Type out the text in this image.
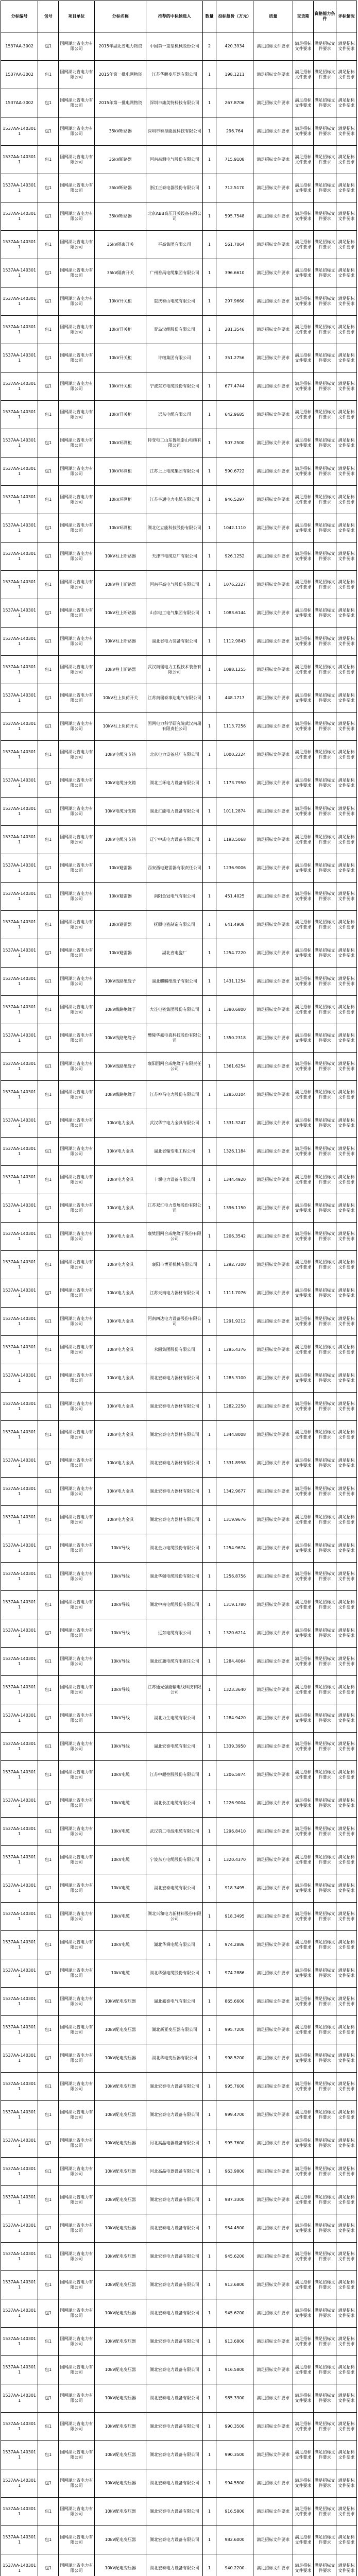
分标编号	包号	项目单位	分标名称	推荐的中标候选人	数量	投标报价（万元）	质量	交货期	资格能力条件	评标情况
1537AA-3002	包1	国网湖北省电力有限公司	2015年湖北省电力物资	中国第一重型机械股份公司	2	420.3934	满足招标文件要求	满足招标文件要求	满足招标文件要求	满足招标文件要求
1537AA-3002	包1	国网湖北省电力有限公司	2015年第一批电网物资	江苏华鹏变压器有限公司	1	198.1211	满足招标文件要求	满足招标文件要求	满足招标文件要求	满足招标文件要求
1537AA-3002	包1	国网湖北省电力有限公司	2015年第一批电网物资	深圳市康美特科技有限公司	1	267.8706	满足招标文件要求	满足招标文件要求	满足招标文件要求	满足招标文件要求
1537AA-1403011	包1	国网湖北省电力有限公司	35kV断路器	深圳市泰昂能源科技有限公司	1	296.764	满足招标文件要求	满足招标文件要求	满足招标文件要求	满足招标文件要求
1537AA-1403011	包1	国网湖北省电力有限公司	35kV断路器	河南森源电气股份有限公司	1	715.9108	满足招标文件要求	满足招标文件要求	满足招标文件要求	满足招标文件要求
1537AA-1403011	包1	国网湖北省电力有限公司	35kV断路器	浙江正泰电器股份有限公司	1	712.5170	满足招标文件要求	满足招标文件要求	满足招标文件要求	满足招标文件要求
1537AA-1403011	包1	国网湖北省电力有限公司	35kV断路器	北京ABB高压开关设备有限公司	1	595.7548	满足招标文件要求	满足招标文件要求	满足招标文件要求	满足招标文件要求
1537AA-1403011	包1	国网湖北省电力有限公司	35kV隔离开关	平高集团有限公司	1	561.7064	满足招标文件要求	满足招标文件要求	满足招标文件要求	满足招标文件要求
1537AA-1403011	包1	国网湖北省电力有限公司	35kV隔离开关	广州番禺电缆集团有限公司	1	396.6610	满足招标文件要求	满足招标文件要求	满足招标文件要求	满足招标文件要求
1537AA-1403011	包1	国网湖北省电力有限公司	10kV开关柜	重庆泰山电缆有限公司	1	297.9660	满足招标文件要求	满足招标文件要求	满足招标文件要求	满足招标文件要求
1537AA-1403011	包1	国网湖北省电力有限公司	10kV开关柜	青岛汉缆股份有限公司	1	281.3546	满足招标文件要求	满足招标文件要求	满足招标文件要求	满足招标文件要求
1537AA-1403011	包1	国网湖北省电力有限公司	10kV开关柜	许继集团有限公司	1	351.2756	满足招标文件要求	满足招标文件要求	满足招标文件要求	满足招标文件要求
1537AA-1403011	包1	国网湖北省电力有限公司	10kV开关柜	宁波东方电缆股份有限公司	1	677.4744	满足招标文件要求	满足招标文件要求	满足招标文件要求	满足招标文件要求
1537AA-1403011	包1	国网湖北省电力有限公司	10kV开关柜	远东电缆有限公司	1	642.9685	满足招标文件要求	满足招标文件要求	满足招标文件要求	满足招标文件要求
1537AA-1403011	包1	国网湖北省电力有限公司	10kV环网柜	特变电工山东鲁能泰山电缆有限公司	1	507.2500	满足招标文件要求	满足招标文件要求	满足招标文件要求	满足招标文件要求
1537AA-1403011	包1	国网湖北省电力有限公司	10kV环网柜	江苏上上电缆集团有限公司	1	590.6722	满足招标文件要求	满足招标文件要求	满足招标文件要求	满足招标文件要求
1537AA-1403011	包1	国网湖北省电力有限公司	10kV环网柜	江苏亨通电力电缆有限公司	1	946.5297	满足招标文件要求	满足招标文件要求	满足招标文件要求	满足招标文件要求
1537AA-1403011	包1	国网湖北省电力有限公司	10kV环网柜	湖北亿立能科技股份有限公司	1	1042.1110	满足招标文件要求	满足招标文件要求	满足招标文件要求	满足招标文件要求
1537AA-1403011	包1	国网湖北省电力有限公司	10kV柱上断路器	天津市电缆总厂有限公司	1	926.1252	满足招标文件要求	满足招标文件要求	满足招标文件要求	满足招标文件要求
1537AA-1403011	包1	国网湖北省电力有限公司	10kV柱上断路器	河南平高电气股份有限公司	1	1076.2227	满足招标文件要求	满足招标文件要求	满足招标文件要求	满足招标文件要求
1537AA-1403011	包1	国网湖北省电力有限公司	10kV柱上断路器	山东电工电气集团有限公司	1	1083.6144	满足招标文件要求	满足招标文件要求	满足招标文件要求	满足招标文件要求
1537AA-1403011	包1	国网湖北省电力有限公司	10kV柱上断路器	湖北省电力装备有限公司	1	1112.9843	满足招标文件要求	满足招标文件要求	满足招标文件要求	满足招标文件要求
1537AA-1403011	包1	国网湖北省电力有限公司	10kV柱上断路器	武汉南瑞电力工程技术装备有限公司	1	1088.1255	满足招标文件要求	满足招标文件要求	满足招标文件要求	满足招标文件要求
1537AA-1403011	包1	国网湖北省电力有限公司	10kV柱上负荷开关	江苏南瑞泰事达电气有限公司	1	448.1717	满足招标文件要求	满足招标文件要求	满足招标文件要求	满足招标文件要求
1537AA-1403011	包1	国网湖北省电力有限公司	10kV柱上负荷开关	国网电力科学研究院武汉南瑞有限责任公司	1	1113.7256	满足招标文件要求	满足招标文件要求	满足招标文件要求	满足招标文件要求
1537AA-1403011	包1	国网湖北省电力有限公司	10kV电缆分支箱	北京电力设备总厂有限公司	1	1000.2224	满足招标文件要求	满足招标文件要求	满足招标文件要求	满足招标文件要求
1537AA-1403011	包1	国网湖北省电力有限公司	10kV电缆分支箱	湖北三环电力设备有限公司	1	1173.7950	满足招标文件要求	满足招标文件要求	满足招标文件要求	满足招标文件要求
1537AA-1403011	包1	国网湖北省电力有限公司	10kV电缆分支箱	湖北汇能电力设备有限公司	1	1011.2874	满足招标文件要求	满足招标文件要求	满足招标文件要求	满足招标文件要求
1537AA-1403011	包1	国网湖北省电力有限公司	10kV电缆分支箱	辽宁中成电力设备有限公司	1	1193.5068	满足招标文件要求	满足招标文件要求	满足招标文件要求	满足招标文件要求
1537AA-1403011	包1	国网湖北省电力有限公司	10kV避雷器	西安西电避雷器有限责任公司	1	1236.9006	满足招标文件要求	满足招标文件要求	满足招标文件要求	满足招标文件要求
1537AA-1403011	包1	国网湖北省电力有限公司	10kV避雷器	南阳金冠电气有限公司	1	451.4025	满足招标文件要求	满足招标文件要求	满足招标文件要求	满足招标文件要求
1537AA-1403011	包1	国网湖北省电力有限公司	10kV避雷器	抚顺电瓷制造有限公司	1	641.4908	满足招标文件要求	满足招标文件要求	满足招标文件要求	满足招标文件要求
1537AA-1403011	包1	国网湖北省电力有限公司	10kV避雷器	湖北省电瓷厂	1	1254.7220	满足招标文件要求	满足招标文件要求	满足招标文件要求	满足招标文件要求
1537AA-1403011	包1	国网湖北省电力有限公司	10kV线路绝缘子	湖北麒麟绝缘子有限公司	1	1431.1254	满足招标文件要求	满足招标文件要求	满足招标文件要求	满足招标文件要求
1537AA-1403011	包1	国网湖北省电力有限公司	10kV线路绝缘子	大连电瓷集团股份有限公司	1	1380.6800	满足招标文件要求	满足招标文件要求	满足招标文件要求	满足招标文件要求
1537AA-1403011	包1	国网湖北省电力有限公司	10kV线路绝缘子	醴陵华鑫电瓷科技股份有限公司	1	1350.2318	满足招标文件要求	满足招标文件要求	满足招标文件要求	满足招标文件要求
1537AA-1403011	包1	国网湖北省电力有限公司	10kV线路绝缘子	襄阳国网合成绝缘子有限责任公司	1	1361.6254	满足招标文件要求	满足招标文件要求	满足招标文件要求	满足招标文件要求
1537AA-1403011	包1	国网湖北省电力有限公司	10kV线路绝缘子	江苏神马电力股份有限公司	1	1285.0104	满足招标文件要求	满足招标文件要求	满足招标文件要求	满足招标文件要求
1537AA-1403011	包1	国网湖北省电力有限公司	10kV电力金具	武汉华宇电力金具有限公司	1	1331.3247	满足招标文件要求	满足招标文件要求	满足招标文件要求	满足招标文件要求
1537AA-1403011	包1	国网湖北省电力有限公司	10kV电力金具	湖北省输变电工程公司	1	1326.1184	满足招标文件要求	满足招标文件要求	满足招标文件要求	满足招标文件要求
1537AA-1403011	包1	国网湖北省电力有限公司	10kV电力金具	十堰电力设备有限公司	1	1344.4920	满足招标文件要求	满足招标文件要求	满足招标文件要求	满足招标文件要求
1537AA-1403011	包1	国网湖北省电力有限公司	10kV电力金具	江苏双汇电力发展股份有限公司	1	1396.1150	满足招标文件要求	满足招标文件要求	满足招标文件要求	满足招标文件要求
1537AA-1403011	包1	国网湖北省电力有限公司	10kV电力金具	襄樊国网合成绝缘子股份有限公司	1	1206.3542	满足招标文件要求	满足招标文件要求	满足招标文件要求	满足招标文件要求
1537AA-1403011	包1	国网湖北省电力有限公司	10kV电力金具	襄阳市博亚机械有限公司	1	1292.7200	满足招标文件要求	满足招标文件要求	满足招标文件要求	满足招标文件要求
1537AA-1403011	包1	国网湖北省电力有限公司	10kV电力金具	江苏天南电力器材有限公司	1	1111.7076	满足招标文件要求	满足招标文件要求	满足招标文件要求	满足招标文件要求
1537AA-1403011	包1	国网湖北省电力有限公司	10kV电力金具	河南四达电力设备股份有限公司	1	1291.9212	满足招标文件要求	满足招标文件要求	满足招标文件要求	满足招标文件要求
1537AA-1403011	包1	国网湖北省电力有限公司	10kV电力金具	永固集团股份有限公司	1	1295.4376	满足招标文件要求	满足招标文件要求	满足招标文件要求	满足招标文件要求
1537AA-1403011	包1	国网湖北省电力有限公司	10kV电力金具	湖北宏泰电力器材有限公司	1	1285.3100	满足招标文件要求	满足招标文件要求	满足招标文件要求	满足招标文件要求
1537AA-1403011	包1	国网湖北省电力有限公司	10kV电力金具	湖北宏泰电力器材有限公司	1	1282.2250	满足招标文件要求	满足招标文件要求	满足招标文件要求	满足招标文件要求
1537AA-1403011	包1	国网湖北省电力有限公司	10kV电力金具	湖北宏泰电力器材有限公司	1	1344.8008	满足招标文件要求	满足招标文件要求	满足招标文件要求	满足招标文件要求
1537AA-1403011	包1	国网湖北省电力有限公司	10kV电力金具	湖北宏泰电力器材有限公司	1	1331.8998	满足招标文件要求	满足招标文件要求	满足招标文件要求	满足招标文件要求
1537AA-1403011	包1	国网湖北省电力有限公司	10kV电力金具	湖北宏泰电力器材有限公司	1	1342.9677	满足招标文件要求	满足招标文件要求	满足招标文件要求	满足招标文件要求
1537AA-1403011	包1	国网湖北省电力有限公司	10kV电力金具	湖北宏泰电力器材有限公司	1	1319.9676	满足招标文件要求	满足招标文件要求	满足招标文件要求	满足招标文件要求
1537AA-1403011	包1	国网湖北省电力有限公司	10kV导线	湖北金力电缆股份有限公司	1	1254.9674	满足招标文件要求	满足招标文件要求	满足招标文件要求	满足招标文件要求
1537AA-1403011	包1	国网湖北省电力有限公司	10kV导线	湖北华强电缆股份有限公司	1	1256.8756	满足招标文件要求	满足招标文件要求	满足招标文件要求	满足招标文件要求
1537AA-1403011	包1	国网湖北省电力有限公司	10kV导线	湖北中南电缆股份有限公司	1	1319.1780	满足招标文件要求	满足招标文件要求	满足招标文件要求	满足招标文件要求
1537AA-1403011	包1	国网湖北省电力有限公司	10kV导线	远东电缆有限公司	1	1320.6214	满足招标文件要求	满足招标文件要求	满足招标文件要求	满足招标文件要求
1537AA-1403011	包1	国网湖北省电力有限公司	10kV导线	湖北红旗电缆有限责任公司	1	1284.4064	满足招标文件要求	满足招标文件要求	满足招标文件要求	满足招标文件要求
1537AA-1403011	包1	国网湖北省电力有限公司	10kV导线	江苏通光强能输电线科技有限公司	1	1323.3640	满足招标文件要求	满足招标文件要求	满足招标文件要求	满足招标文件要求
1537AA-1403011	包1	国网湖北省电力有限公司	10kV导线	湖北力生电缆有限公司	1	1284.9420	满足招标文件要求	满足招标文件要求	满足招标文件要求	满足招标文件要求
1537AA-1403011	包1	国网湖北省电力有限公司	10kV导线	湖北宏泰电缆有限公司	1	1339.3950	满足招标文件要求	满足招标文件要求	满足招标文件要求	满足招标文件要求
1537AA-1403011	包1	国网湖北省电力有限公司	10kV电缆	江苏中超控股股份有限公司	1	1206.5874	满足招标文件要求	满足招标文件要求	满足招标文件要求	满足招标文件要求
1537AA-1403011	包1	国网湖北省电力有限公司	10kV电缆	湖北长江电缆有限公司	1	1226.9004	满足招标文件要求	满足招标文件要求	满足招标文件要求	满足招标文件要求
1537AA-1403011	包1	国网湖北省电力有限公司	10kV电缆	武汉第二电线电缆有限公司	1	1296.8410	满足招标文件要求	满足招标文件要求	满足招标文件要求	满足招标文件要求
1537AA-1403011	包1	国网湖北省电力有限公司	10kV电缆	宁波东方电缆股份有限公司	1	1320.4370	满足招标文件要求	满足招标文件要求	满足招标文件要求	满足招标文件要求
1537AA-1403011	包1	国网湖北省电力有限公司	10kV电缆	湖北宏泰电缆有限公司	1	918.3495	满足招标文件要求	满足招标文件要求	满足招标文件要求	满足招标文件要求
1537AA-1403011	包1	国网湖北省电力有限公司	10kV电缆	湖北兴和电力新材料股份有限公司	1	918.3495	满足招标文件要求	满足招标文件要求	满足招标文件要求	满足招标文件要求
1537AA-1403011	包1	国网湖北省电力有限公司	10kV电缆	湖北华舜电缆有限公司	1	974.2886	满足招标文件要求	满足招标文件要求	满足招标文件要求	满足招标文件要求
1537AA-1403011	包1	国网湖北省电力有限公司	10kV电缆	湖北华强电缆股份有限公司	1	974.2886	满足招标文件要求	满足招标文件要求	满足招标文件要求	满足招标文件要求
1537AA-1403011	包1	国网湖北省电力有限公司	10kV配电变压器	湖北鑫泰电气有限公司	1	865.6600	满足招标文件要求	满足招标文件要求	满足招标文件要求	满足招标文件要求
1537AA-1403011	包1	国网湖北省电力有限公司	10kV配电变压器	湖北新亚变压器有限公司	1	995.7200	满足招标文件要求	满足招标文件要求	满足招标文件要求	满足招标文件要求
1537AA-1403011	包1	国网湖北省电力有限公司	10kV配电变压器	湖北华电变压器有限公司	1	998.5200	满足招标文件要求	满足招标文件要求	满足招标文件要求	满足招标文件要求
1537AA-1403011	包1	国网湖北省电力有限公司	10kV配电变压器	湖北宏泰电力设备有限公司	1	995.7600	满足招标文件要求	满足招标文件要求	满足招标文件要求	满足招标文件要求
1537AA-1403011	包1	国网湖北省电力有限公司	10kV配电变压器	湖北宏泰电力设备有限公司	1	999.4700	满足招标文件要求	满足招标文件要求	满足招标文件要求	满足招标文件要求
1537AA-1403011	包1	国网湖北省电力有限公司	10kV配电变压器	河北高晶电器设备有限公司	1	995.7600	满足招标文件要求	满足招标文件要求	满足招标文件要求	满足招标文件要求
1537AA-1403011	包1	国网湖北省电力有限公司	10kV配电变压器	河北高晶电器设备有限公司	1	963.9800	满足招标文件要求	满足招标文件要求	满足招标文件要求	满足招标文件要求
1537AA-1403011	包1	国网湖北省电力有限公司	10kV配电变压器	湖北宏泰电力设备有限公司	1	987.3300	满足招标文件要求	满足招标文件要求	满足招标文件要求	满足招标文件要求
1537AA-1403011	包1	国网湖北省电力有限公司	10kV配电变压器	湖北宏泰电力设备有限公司	1	954.4500	满足招标文件要求	满足招标文件要求	满足招标文件要求	满足招标文件要求
1537AA-1403011	包1	国网湖北省电力有限公司	10kV配电变压器	湖北宏泰电力设备有限公司	1	945.6200	满足招标文件要求	满足招标文件要求	满足招标文件要求	满足招标文件要求
1537AA-1403011	包1	国网湖北省电力有限公司	10kV配电变压器	湖北宏泰电力设备有限公司	1	913.6800	满足招标文件要求	满足招标文件要求	满足招标文件要求	满足招标文件要求
1537AA-1403011	包1	国网湖北省电力有限公司	10kV配电变压器	湖北宏泰电力设备有限公司	1	945.6200	满足招标文件要求	满足招标文件要求	满足招标文件要求	满足招标文件要求
1537AA-1403011	包1	国网湖北省电力有限公司	10kV配电变压器	湖北宏泰电力设备有限公司	1	913.6800	满足招标文件要求	满足招标文件要求	满足招标文件要求	满足招标文件要求
1537AA-1403011	包1	国网湖北省电力有限公司	10kV配电变压器	湖北宏泰电力设备有限公司	1	916.5800	满足招标文件要求	满足招标文件要求	满足招标文件要求	满足招标文件要求
1537AA-1403011	包1	国网湖北省电力有限公司	10kV配电变压器	湖北宏泰电力设备有限公司	1	985.3300	满足招标文件要求	满足招标文件要求	满足招标文件要求	满足招标文件要求
1537AA-1403011	包1	国网湖北省电力有限公司	10kV配电变压器	湖北宏泰电力设备有限公司	1	990.3500	满足招标文件要求	满足招标文件要求	满足招标文件要求	满足招标文件要求
1537AA-1403011	包1	国网湖北省电力有限公司	10kV配电变压器	湖北宏泰电力设备有限公司	1	990.3500	满足招标文件要求	满足招标文件要求	满足招标文件要求	满足招标文件要求
1537AA-1403011	包1	国网湖北省电力有限公司	10kV配电变压器	湖北宏泰电力设备有限公司	1	994.5500	满足招标文件要求	满足招标文件要求	满足招标文件要求	满足招标文件要求
1537AA-1403011	包1	国网湖北省电力有限公司	10kV配电变压器	湖北宏泰电力设备有限公司	1	916.5800	满足招标文件要求	满足招标文件要求	满足招标文件要求	满足招标文件要求
1537AA-1403011	包1	国网湖北省电力有限公司	10kV配电变压器	湖北宏泰电力设备有限公司	1	982.6000	满足招标文件要求	满足招标文件要求	满足招标文件要求	满足招标文件要求
1537AA-1403011	包1	国网湖北省电力有限公司	10kV配电变压器	湖北宏泰电力设备有限公司	1	940.2200	满足招标文件要求	满足招标文件要求	满足招标文件要求	满足招标文件要求
